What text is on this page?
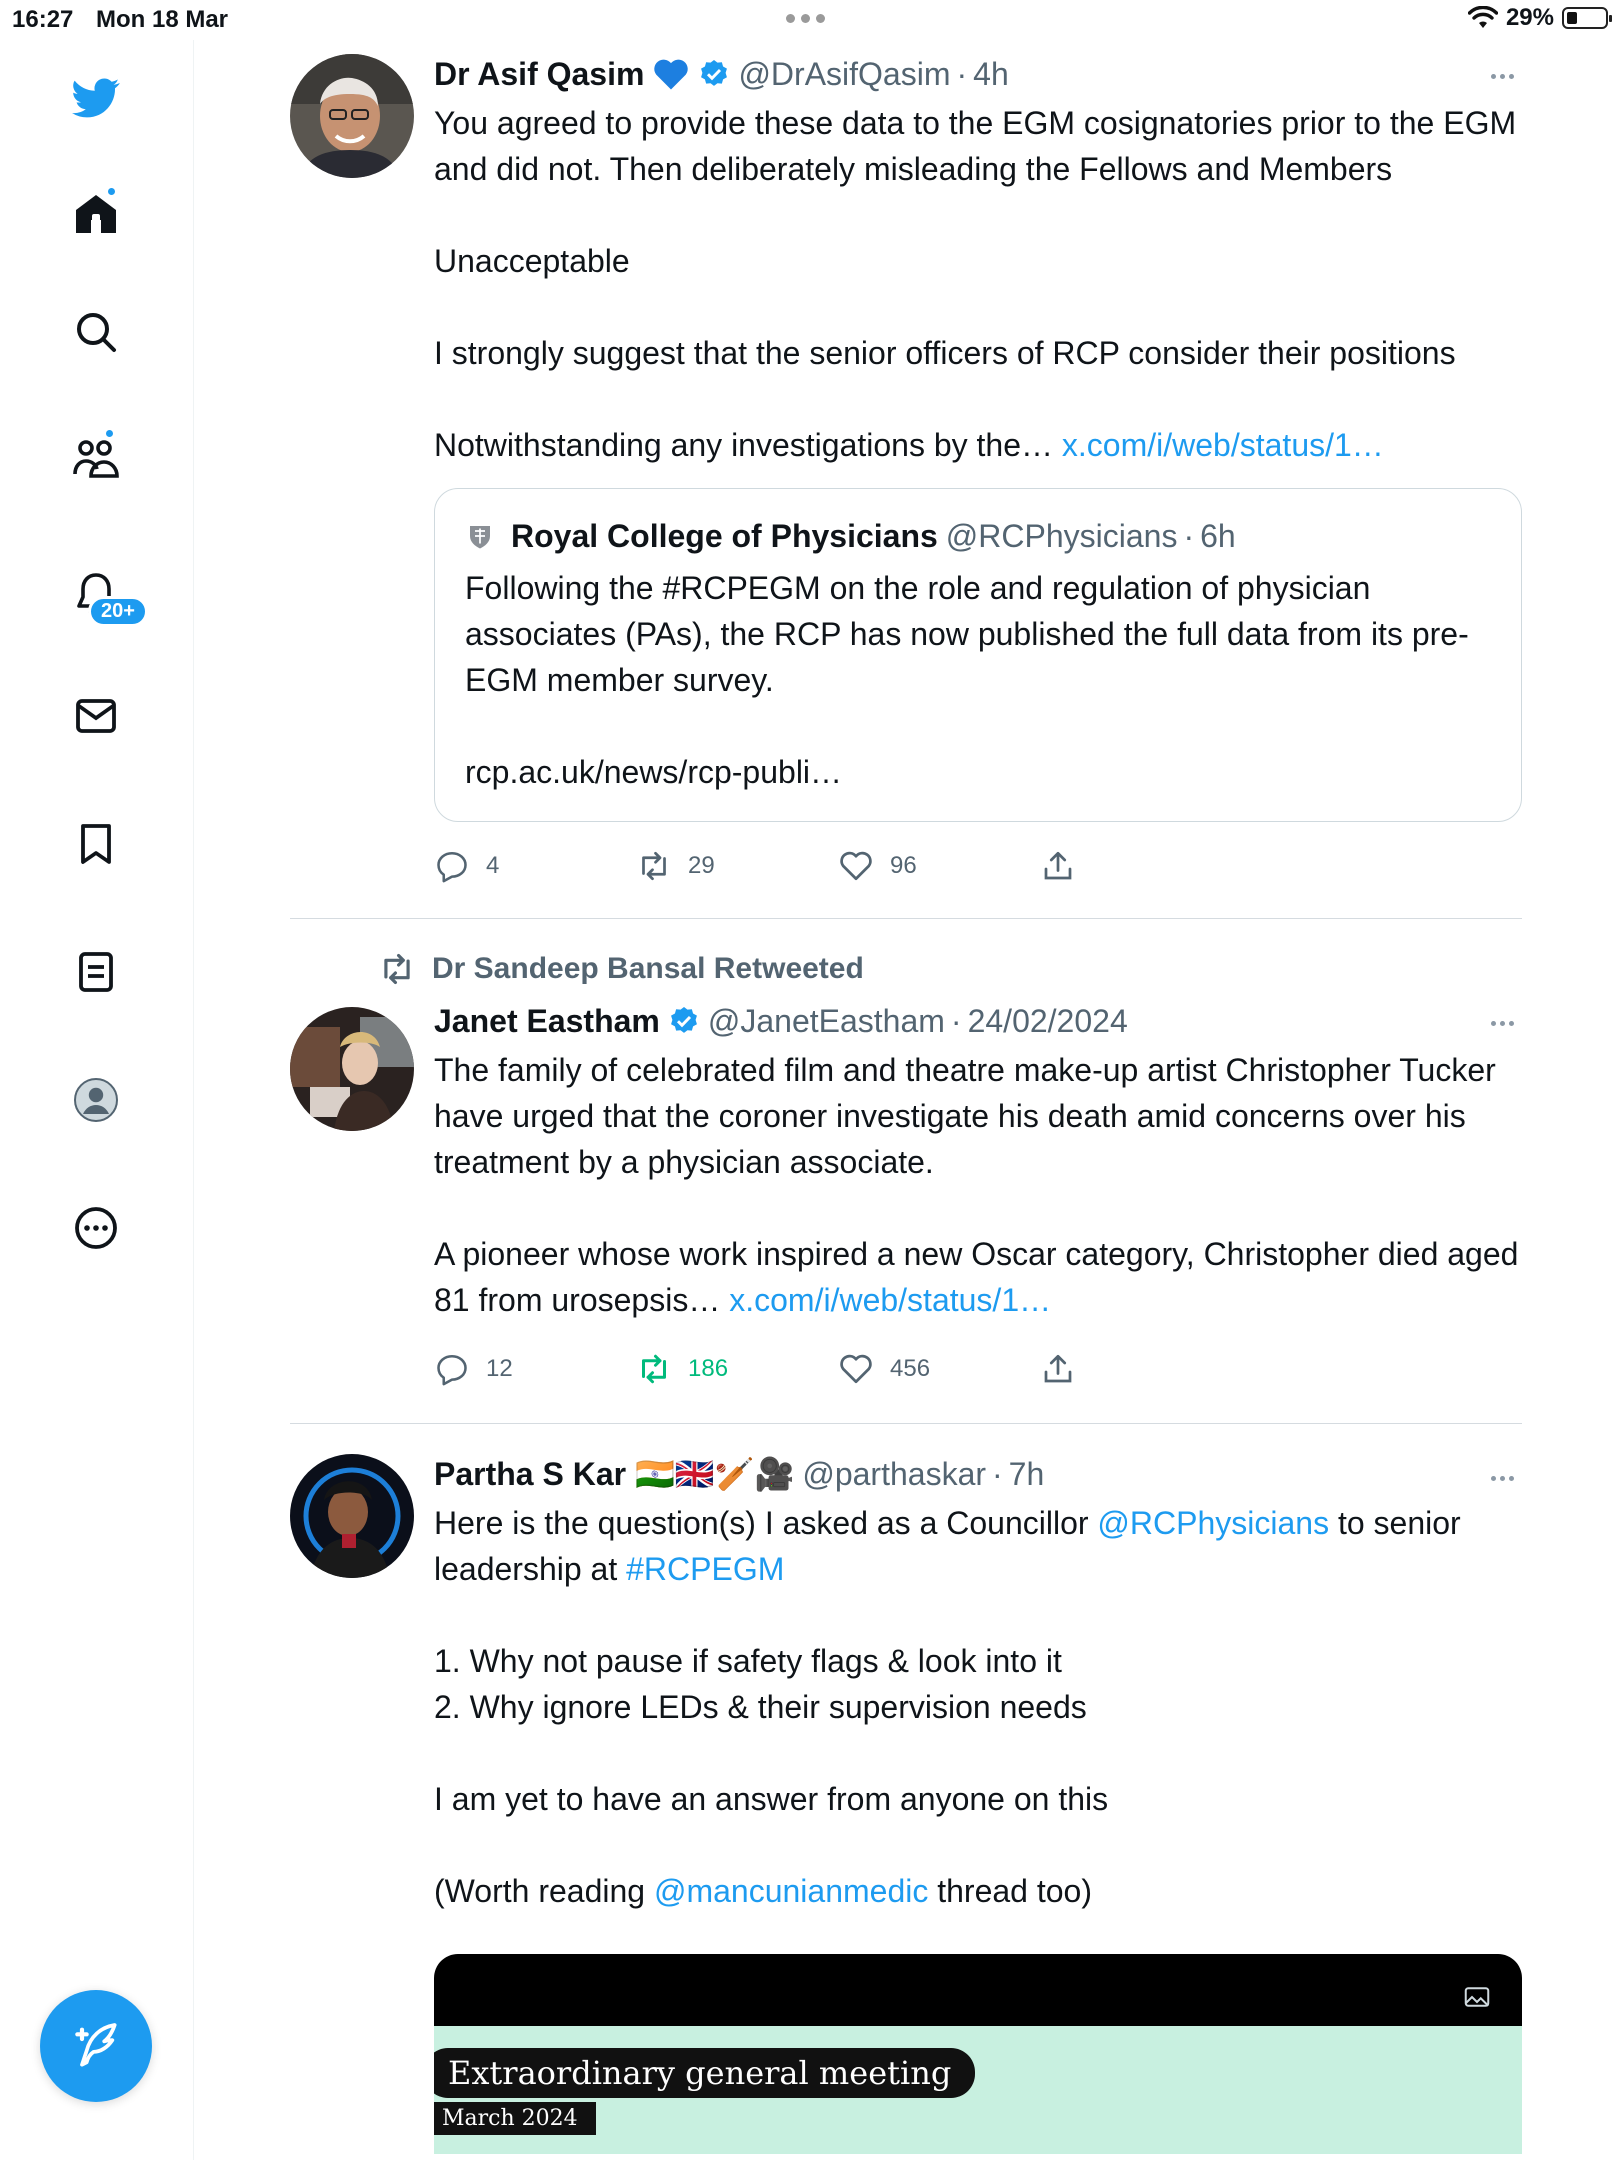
16:27 Mon 18 Mar	29%
20+
Dr Asif Qasim	@DrAsifQasim · 4h
You agreed to provide these data to the EGM cosignatories prior to the EGM and did not. Then deliberately misleading the Fellows and Members

Unacceptable

I strongly suggest that the senior officers of RCP consider their positions

Notwithstanding any investigations by the… x.com/i/web/status/1…
Royal College of Physicians @RCPhysicians · 6h
Following the #RCPEGM on the role and regulation of physician associates (PAs), the RCP has now published the full data from its pre-EGM member survey.

rcp.ac.uk/news/rcp-publi…
4	29	96
Dr Sandeep Bansal Retweeted
Janet Eastham @JanetEastham · 24/02/2024
The family of celebrated film and theatre make-up artist Christopher Tucker have urged that the coroner investigate his death amid concerns over his treatment by a physician associate.

A pioneer whose work inspired a new Oscar category, Christopher died aged 81 from urosepsis… x.com/i/web/status/1…
12	186	456
Partha S Kar 🇮🇳🇬🇧🏏🎥 @parthaskar · 7h
Here is the question(s) I asked as a Councillor @RCPhysicians to senior leadership at #RCPEGM

1. Why not pause if safety flags & look into it
2. Why ignore LEDs & their supervision needs

I am yet to have an answer from anyone on this

(Worth reading @mancunianmedic thread too)
Extraordinary general meeting
March 2024
